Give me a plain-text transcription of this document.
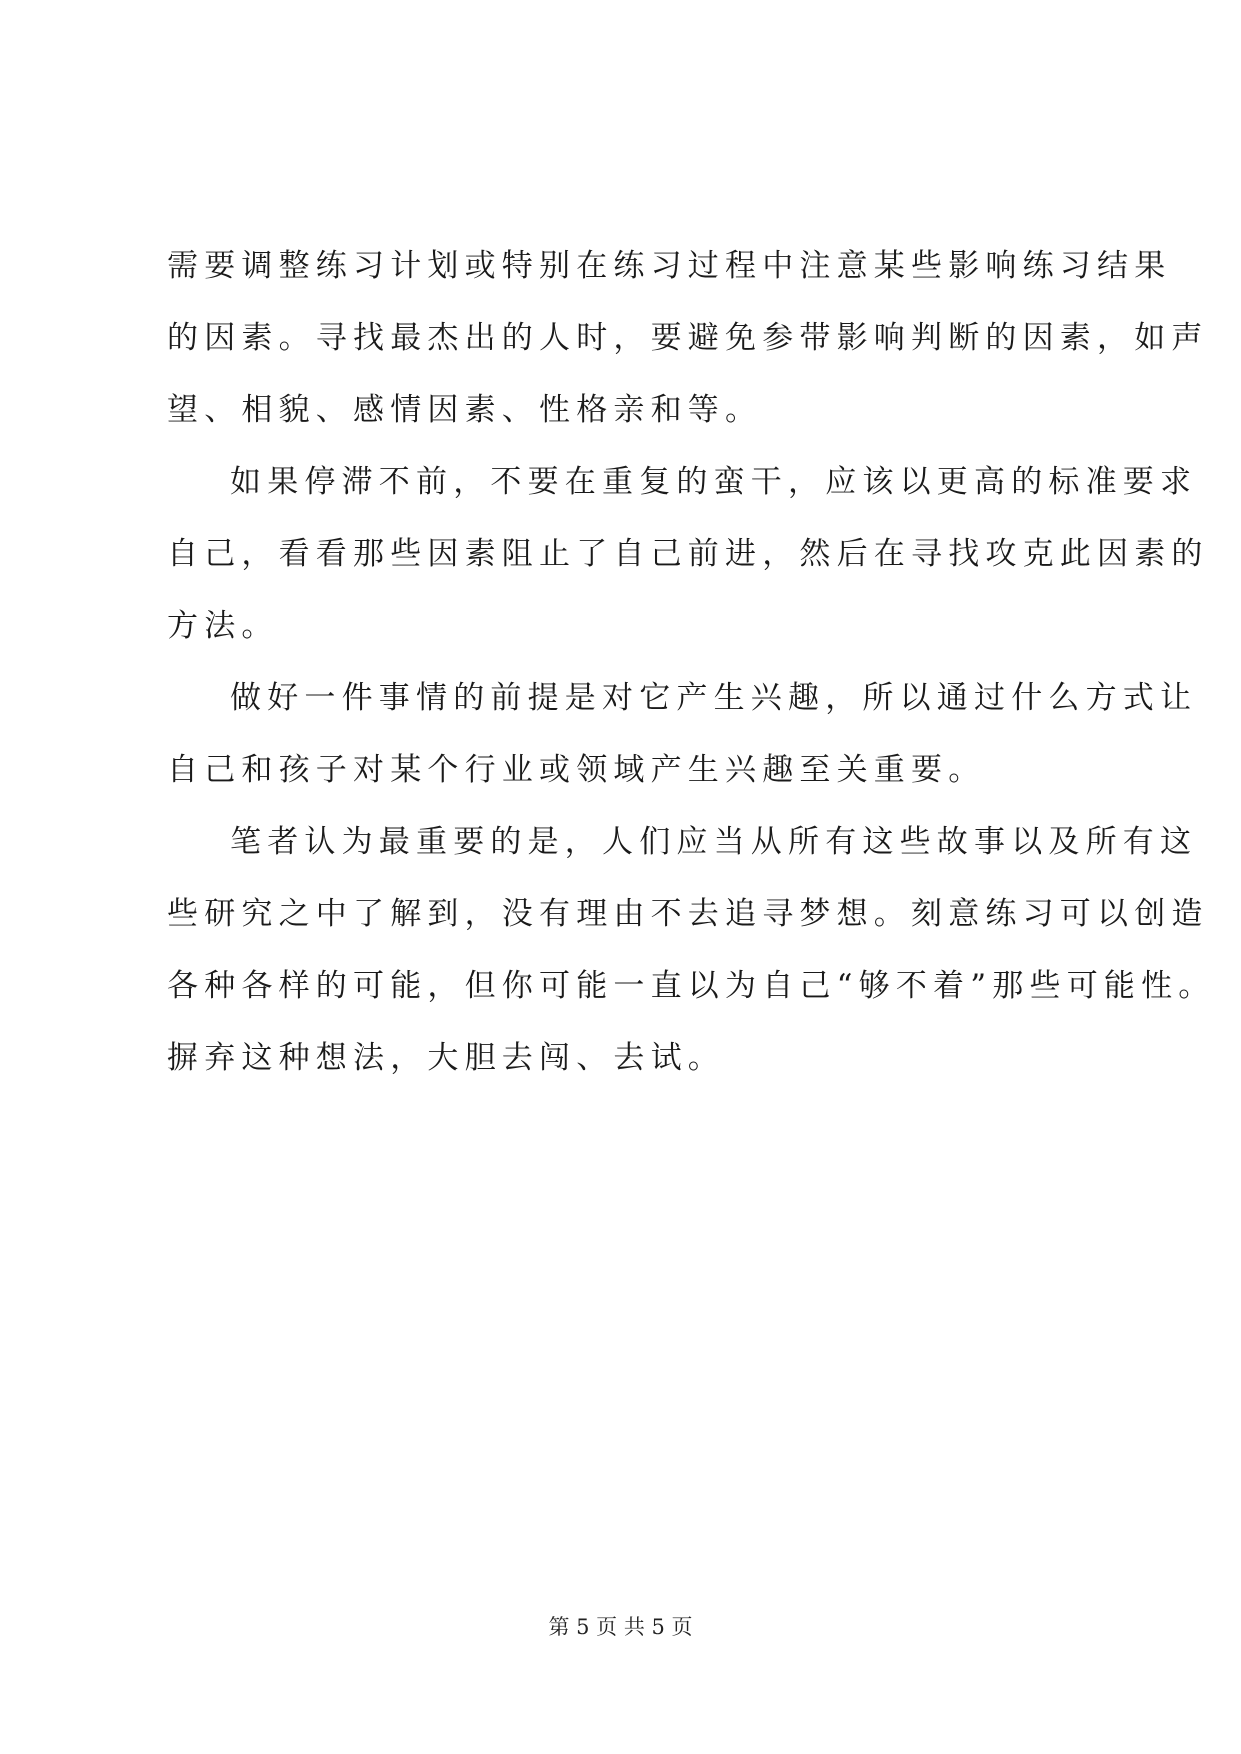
需要调整练习计划或特别在练习过程中注意某些影响练习结果
的因素。寻找最杰出的人时，要避免参带影响判断的因素，如声
望、相貌、感情因素、性格亲和等。
如果停滞不前，不要在重复的蛮干，应该以更高的标准要求
自己，看看那些因素阻止了自己前进，然后在寻找攻克此因素的
方法。
做好一件事情的前提是对它产生兴趣，所以通过什么方式让
自己和孩子对某个行业或领域产生兴趣至关重要。
笔者认为最重要的是，人们应当从所有这些故事以及所有这
些研究之中了解到，没有理由不去追寻梦想。刻意练习可以创造
各种各样的可能，但你可能一直以为自己“够不着”那些可能性。
摒弃这种想法，大胆去闯、去试。
第 5 页 共 5 页
